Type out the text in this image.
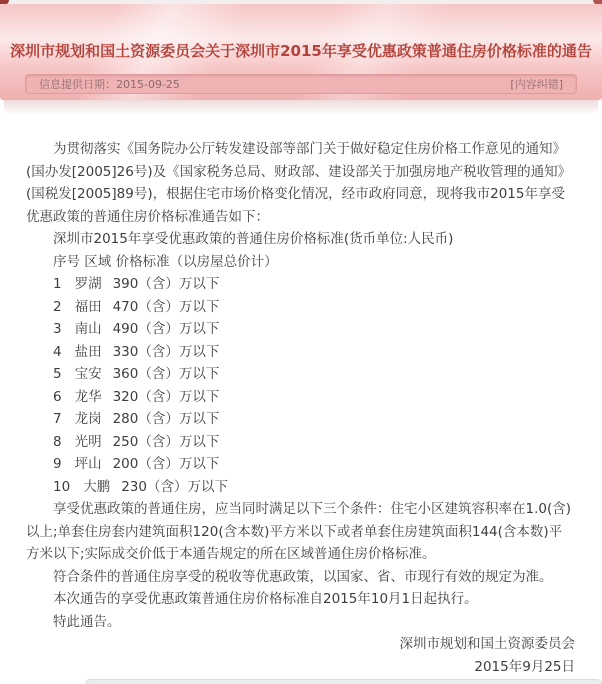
深圳市规划和国土资源委员会关于深圳市2015年享受优惠政策普通住房价格标准的通告
信息提供日期：2015-09-25	[内容纠错]

为贯彻落实《国务院办公厅转发建设部等部门关于做好稳定住房价格工作意见的通知》(国办发[2005]26号)及《国家税务总局、财政部、建设部关于加强房地产税收管理的通知》(国税发[2005]89号)，根据住宅市场价格变化情况，经市政府同意，现将我市2015年享受优惠政策的普通住房价格标准通告如下：

深圳市2015年享受优惠政策的普通住房价格标准(货币单位:人民币)

序号 区域 价格标准（以房屋总价计）

1 罗湖 390（含）万以下

2 福田 470（含）万以下

3 南山 490（含）万以下

4 盐田 330（含）万以下

5 宝安 360（含）万以下

6 龙华 320（含）万以下

7 龙岗 280（含）万以下

8 光明 250（含）万以下

9 坪山 200（含）万以下

10 大鹏 230（含）万以下

享受优惠政策的普通住房，应当同时满足以下三个条件：住宅小区建筑容积率在1.0(含)以上;单套住房套内建筑面积120(含本数)平方米以下或者单套住房建筑面积144(含本数)平方米以下;实际成交价低于本通告规定的所在区域普通住房价格标准。

符合条件的普通住房享受的税收等优惠政策，以国家、省、市现行有效的规定为准。

本次通告的享受优惠政策普通住房价格标准自2015年10月1日起执行。

特此通告。

深圳市规划和国土资源委员会

2015年9月25日
